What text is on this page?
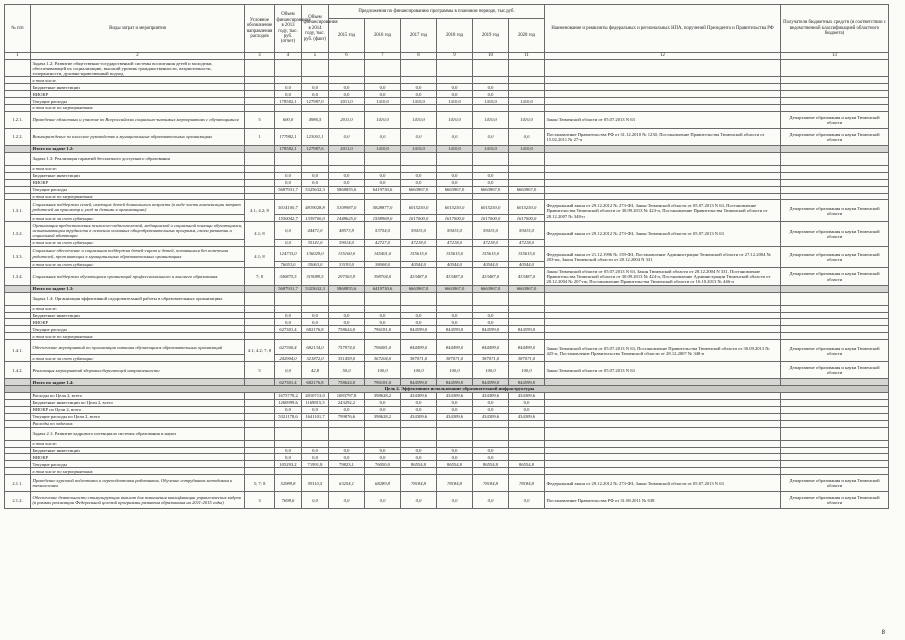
№ п/п	Виды затрат и мероприятия	Условное обозначение направления расходов	Объем финансирования в 2013 году, тыс. руб. (отчет)	Объем финансирования в 2014 году, тыс. руб. (факт)	Предложения по финансированию программы в плановом периоде, тыс.руб.						Наименование и реквизиты федеральных и региональных НПА, поручений Президента и Правительства РФ	Получатели бюджетных средств (в соответствии с ведомственной классификацией областного бюджета)
					2015 год	2016 год	2017 год	2018 год	2019 год	2020 год		
1	2	3	4	5	6	7	8	9	10	11	12	13
	Задача 1.2: Развитие общественно-государственной системы воспитания детей и молодежи, обеспечивающей их социализацию, высокий уровень гражданственности, патриотичности, толерантности, духовно-нравственный подход											
	в том числе											
	Бюджетные инвестиции		0,0	0,0	0,0	0,0	0,0	0,0	0,0			
	НИОКР		0,0	0,0	0,0	0,0	0,0	0,0	0,0			
	Текущие расходы		178582,1	127987,0	2011,0	1410,0	1410,0	1410,0	1410,0	1410,0		
	в том числе по мероприятиям:											
1.2.1.	Проведение областных и участие во Всероссийских социально-значимых мероприятиях с обучающимися	5	600,0	4986,5	2011,0	1410,0	1410,0	1410,0	1410,0	1410,0	Закон Тюменской области от 05.07.2013 N 63	Департамент образования и науки Тюменской области
1.2.2.	Вознаграждение за классное руководство в муниципальных образовательных организациях	1	177982,1	123001,1	0,0	0,0	0,0	0,0	0,0	0,0	Постановление Правительства РФ от 31.12.2010 № 1230, Постановление Правительства Тюменской области от 15.02.2011 № 27-п	Департамент образования и науки Тюменской области
	Итого по задаче 1.2:		178582,1	127987,6	2011,0	1410,0	1410,0	1410,0	1410,0	1410,0		
	Задача 1.3: Реализация гарантий бесплатного доступного образования											
	в том числе:											
	Бюджетные инвестиции		0,0	0,0	0,0	0,0	0,0	0,0	0,0			
	НИОКР		0,0	0,0	0,0	0,0	0,0	0,0	0,0			
	Текущие расходы		5687931,7	5325632,3	5868855,6	6419730,6	6663967,0	6663967,0	6663967,0	6663967,0		
	в том числе по мероприятиям:											
1.3.1.	Социальная поддержка семей, имеющих детей дошкольного возраста (в виде части компенсации затрат родителей на присмотр и уход за детьми в организациях)	4.1; 4.2; 8	5014100,7	4819028,8	5109987,0	5828877,0	6015250,0	6015250,0	6015250,0	6015250,0	Федеральный закон от 29.12.2012 № 273-ФЗ, Закон Тюменской области от 05.07.2013 N 63, Постановление Правительства Тюменской области от 30.09.2013 № 423-п, Постановление Правительства Тюменской области от 28.12.2007 № 348-п	Департамент образования и науки Тюменской области
	в том числе за счет субвенции:		1550042,7	1339700,0	1448625,0	1558969,0	1617000,0	1617000,0	1617000,0	1617000,0		
1.3.2.	Организация предоставления психолого-педагогической, медицинской и социальной помощи обучающимся, испытывающим трудности в освоении основных общеобразовательных программ, своем развитии и социальной адаптации	4.1; 8	0,0	44471,0	48573,9	53754,0	59415,0	59415,0	59415,0	59415,0	Федеральный закон от 29.12.2012 № 273-ФЗ, Закон Тюменской области от 05.07.2013 N 63	Департамент образования и науки Тюменской области
	в том числе за счет субвенции:		0,0	35141,0	39014,0	42727,0	47218,0	47218,0	47218,0	47218,0		
1.3.3.	Социальное обеспечение и социальная поддержка детей-сирот и детей, оставшихся без попечения родителей, проживающих в муниципальных образовательных организациях	4.1; 8	124733,0	136029,0	135160,0	145401,0	155615,0	155615,0	155615,0	155615,0	Федеральный закон от 21.12.1996 № 159-ФЗ, Постановление Администрации Тюменской области от 27.12.2004 № 203-пк, Закон Тюменской области от 28.12.2004 N 331	Департамент образования и науки Тюменской области
	в том числе за счет субвенции:		76053,0	35063,0	33193,0	38008,0	40544,0	40544,0	40544,0	40544,0		
1.3.4.	Социальная поддержка обучающихся организаций профессионального и высшего образования	7; 8	340875,5	319089,5	297363,9	398704,0	433487,0	433487,0	433487,0	433487,0	Закон Тюменской области от 05.07.2013 N 63, Закон Тюменской области от 28.12.2004 N 331, Постановление Правительства Тюменской области от 30.09.2013 № 424-п, Постановление Администрации Тюменской области от 20.12.2004 № 207-пк, Постановление Правительства Тюменской области от 16.10.2013 № 446-п	Департамент образования и науки Тюменской области
	Итого по задаче 1.3:		5687931,7	5325632,3	5868855,6	6419730,6	6663967,0	6663967,0	6663967,0	6663967,0		
	Задача 1.4: Организация эффективной оздоровительной работы в образовательных организациях											
	в том числе:											
	Бюджетные инвестиции		0,0	0,0	0,0	0,0	0,0	0,0	0,0			
	НИОКР		0,0	0,0	0,0	0,0	0,0	0,0	0,0			
	Текущие расходы		627301,4	682176,8	758624,0	796181,0	844599,0	844599,0	844599,0	844599,0		
	в том числе по мероприятиям:											
1.4.1.	Обеспечение мероприятий по организации питания обучающихся образовательных организаций	4.1; 4.2; 7; 8	627300,4	682134,0	757974,0	796081,0	844499,0	844499,0	844499,0	844499,0	Закон Тюменской области от 05.07.2013 N 63, Постановление Правительства Тюменской области от 30.09.2013 № 425-п, Постановление Правительства Тюменской области от 28.12.2007 № 348-п	Департамент образования и науки Тюменской области
	в том числе за счет субвенции:		242904,0	321872,0	351459,0	367204,0	387071,0	387071,0	387071,0	387071,0		
1.4.2.	Реализация мероприятий здоровьесберегающей направленности	5	0,0	42,8	50,0	100,0	100,0	100,0	100,0	100,0	Закон Тюменской области от 05.07.2013 N 63	Департамент образования и науки Тюменской области
	Итого по задаче 1.4:		627301,4	682176,8	758624,0	796181,0	844599,0	844599,0	844599,0	844599,0		
	Цель 2. Эффективное использование образовательной инфраструктуры											
	Расходы по Цели 2, всего		1675778,2	2810713,0	1083797,8	398628,2	434309,6	434309,6	434309,6	434309,6		
	Бюджетные инвестиции по Цели 2, всего		1260999,6	1169815,5	243292,2	0,0	0,0	0,0	0,0	0,0		
	НИОКР по Цели 2, всего		0,0	0,0	0,0	0,0	0,0	0,0	0,0	0,0		
	Текущие расходы по Цели 2, всего		5321178,6	1641101,7	799876,6	398628,2	434309,6	434309,6	434309,6	434309,6		
	Расходы по задачам:											
	Задача 2.1: Развитие кадрового потенциала системы образования и науки											
	в том числе:											
	Бюджетные инвестиции		0,0	0,0	0,0	0,0	0,0	0,0	0,0			
	НИОКР		0,0	0,0	0,0	0,0	0,0	0,0	0,0			
	Текущие расходы		105293,2	71991,8	79823,1	76050,0	86554,8	86554,8	86554,8	86554,8		
	в том числе по мероприятиям:											
2.1.1.	Проведение курсовой подготовки и переподготовки работников, Обучение сотрудников методикам и технологиям	5; 7; 8	52989,8	59110,5	63254,1	68289,8	78184,8	78184,8	78184,8	78184,8	Федеральный закон от 29.12.2012 № 273-ФЗ, Закон Тюменской области от 05.07.2013 N 63	Департамент образования и науки Тюменской области
2.1.2.	Обеспечение деятельности стимулирующих выплат для повышения квалификации управленческих кадров (в рамках реализации Федеральной целевой программы развития образования на 2011-2015 годы)	3	7698,6	0,0	0,0	0,0	0,0	0,0	0,0	0,0	Постановление Правительства РФ от 31.08.2011 № 638	Департамент образования и науки Тюменской области
8
